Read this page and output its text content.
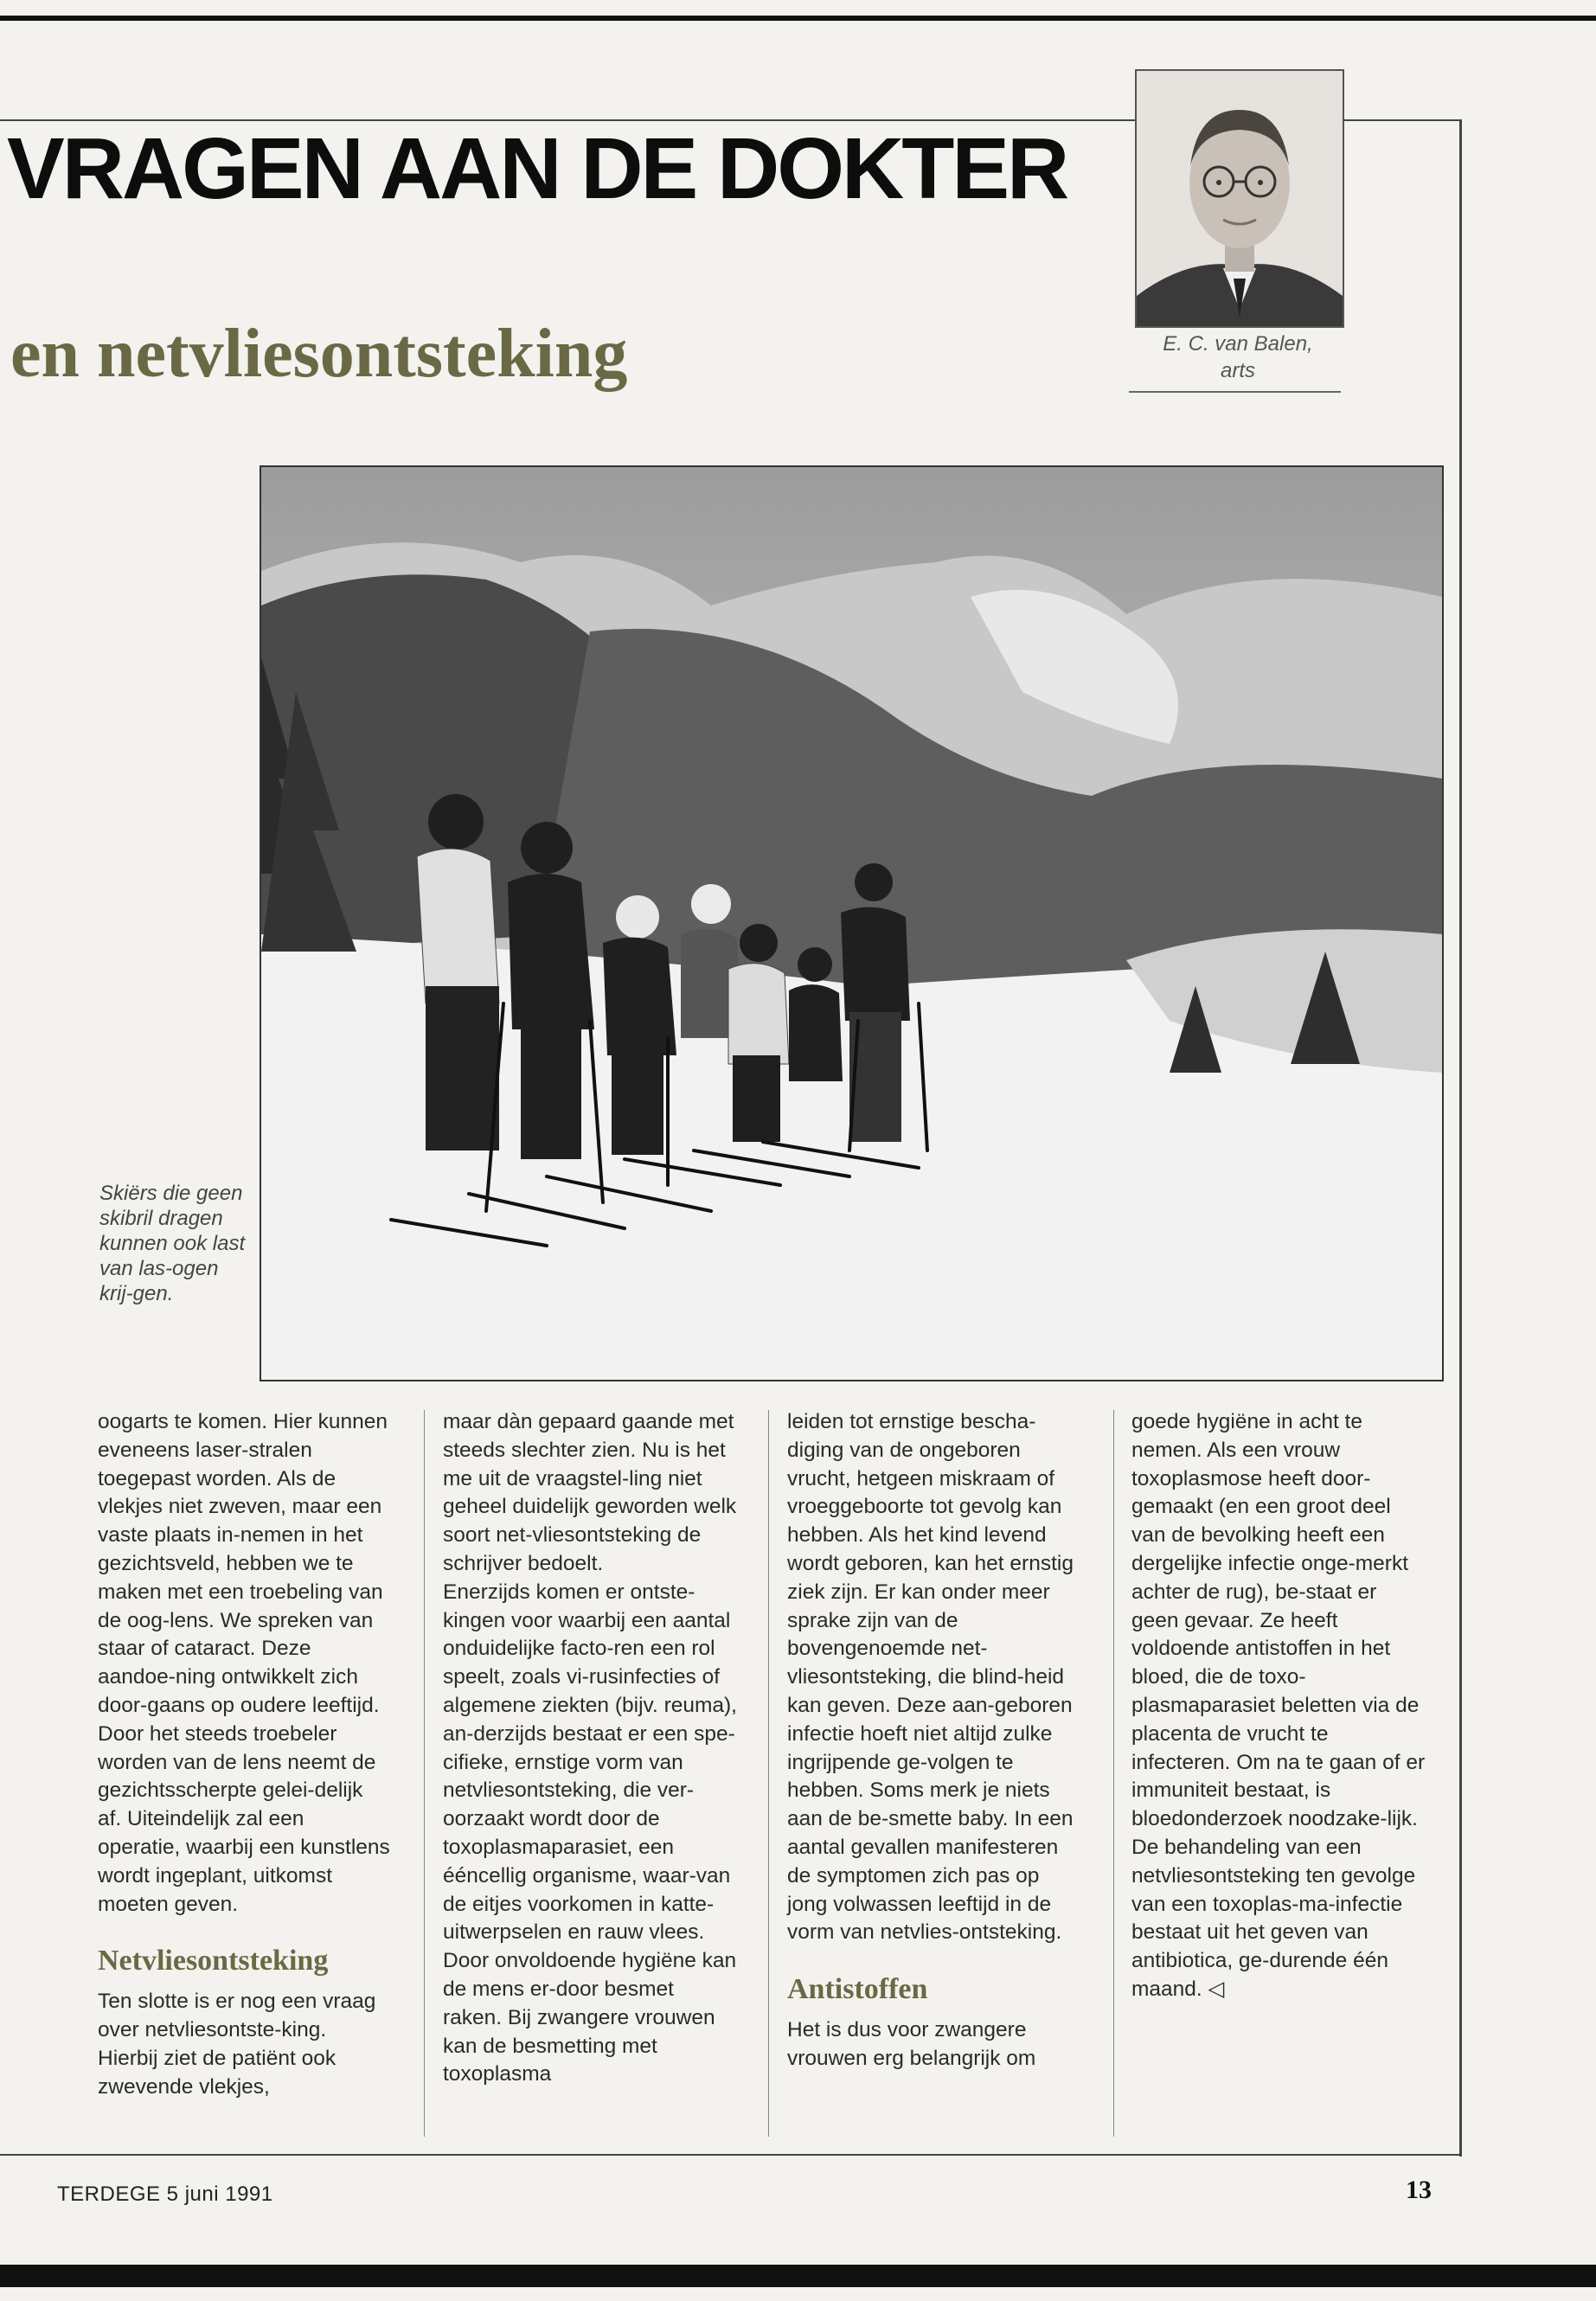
VRAGEN AAN DE DOKTER
en netvliesontsteking	E. C. van Balen,
arts

Skiërs die geen skibril dragen kunnen ook last van las-ogen krij-gen.

oogarts te komen. Hier kunnen eveneens laser-stralen toegepast worden. Als de vlekjes niet zweven, maar een vaste plaats in-nemen in het gezichtsveld, hebben we te maken met een troebeling van de oog-lens. We spreken van staar of cataract. Deze aandoe-ning ontwikkelt zich door-gaans op oudere leeftijd. Door het steeds troebeler worden van de lens neemt de gezichtsscherpte gelei-delijk af. Uiteindelijk zal een operatie, waarbij een kunstlens wordt ingeplant, uitkomst moeten geven.

Netvliesontsteking

Ten slotte is er nog een vraag over netvliesontste-king. Hierbij ziet de patiënt ook zwevende vlekjes,

maar dàn gepaard gaande met steeds slechter zien. Nu is het me uit de vraagstel-ling niet geheel duidelijk geworden welk soort net-vliesontsteking de schrijver bedoelt.

Enerzijds komen er ontste-kingen voor waarbij een aantal onduidelijke facto-ren een rol speelt, zoals vi-rusinfecties of algemene ziekten (bijv. reuma), an-derzijds bestaat er een spe-cifieke, ernstige vorm van netvliesontsteking, die ver-oorzaakt wordt door de toxoplasmaparasiet, een ééncellig organisme, waar-van de eitjes voorkomen in katte-uitwerpselen en rauw vlees. Door onvoldoende hygiëne kan de mens er-door besmet raken. Bij zwangere vrouwen kan de besmetting met toxoplasma

leiden tot ernstige bescha-diging van de ongeboren vrucht, hetgeen miskraam of vroeggeboorte tot gevolg kan hebben. Als het kind levend wordt geboren, kan het ernstig ziek zijn. Er kan onder meer sprake zijn van de bovengenoemde net-vliesontsteking, die blind-heid kan geven. Deze aan-geboren infectie hoeft niet altijd zulke ingrijpende ge-volgen te hebben. Soms merk je niets aan de be-smette baby. In een aantal gevallen manifesteren de symptomen zich pas op jong volwassen leeftijd in de vorm van netvlies-ontsteking.

Antistoffen

Het is dus voor zwangere vrouwen erg belangrijk om

goede hygiëne in acht te nemen. Als een vrouw toxoplasmose heeft door-gemaakt (en een groot deel van de bevolking heeft een dergelijke infectie onge-merkt achter de rug), be-staat er geen gevaar. Ze heeft voldoende antistoffen in het bloed, die de toxo-plasmaparasiet beletten via de placenta de vrucht te infecteren. Om na te gaan of er immuniteit bestaat, is bloedonderzoek noodzake-lijk. De behandeling van een netvliesontsteking ten gevolge van een toxoplas-ma-infectie bestaat uit het geven van antibiotica, ge-durende één maand. ◁

TERDEGE 5 juni 1991	13
